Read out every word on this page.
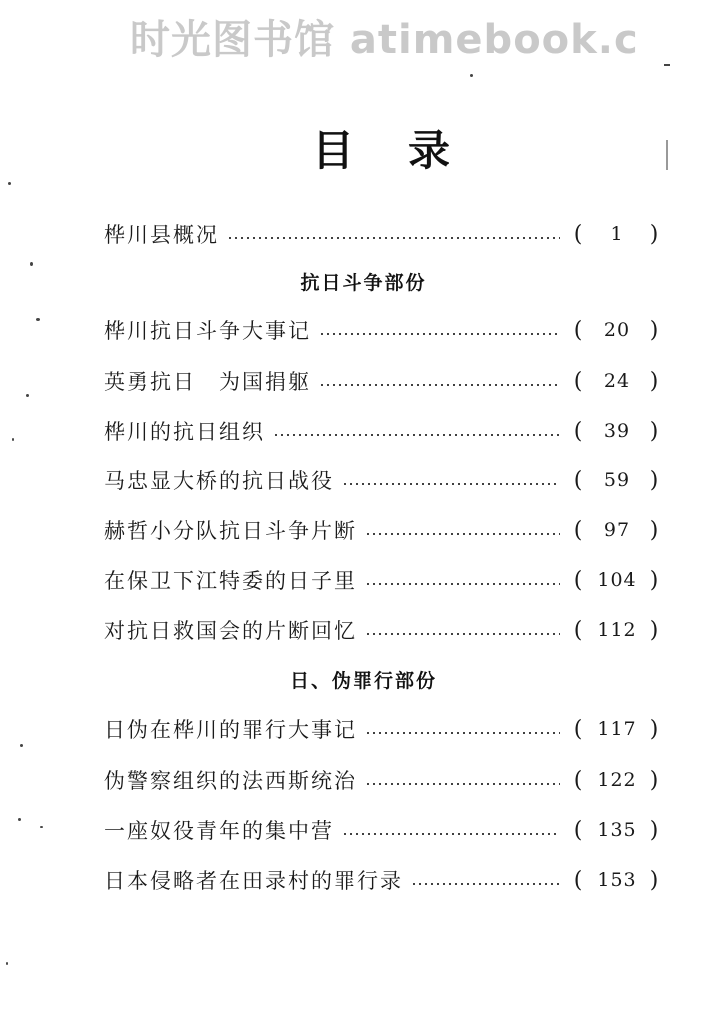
时光图书馆 atimebook.c
目录
桦川县概况	(	1	)
抗日斗争部份
桦川抗日斗争大事记	(	20 )
英勇抗日　为国捐躯	(	24 )
桦川的抗日组织	(	39 )
马忠显大桥的抗日战役	(	59 )
赫哲小分队抗日斗争片断	(	97 )
在保卫下江特委的日子里	( 104 )
对抗日救国会的片断回忆	( 112 )
日、伪罪行部份
日伪在桦川的罪行大事记	( 117 )
伪警察组织的法西斯统治	( 122 )
一座奴役青年的集中营	( 135 )
日本侵略者在田录村的罪行录	( 153 )
